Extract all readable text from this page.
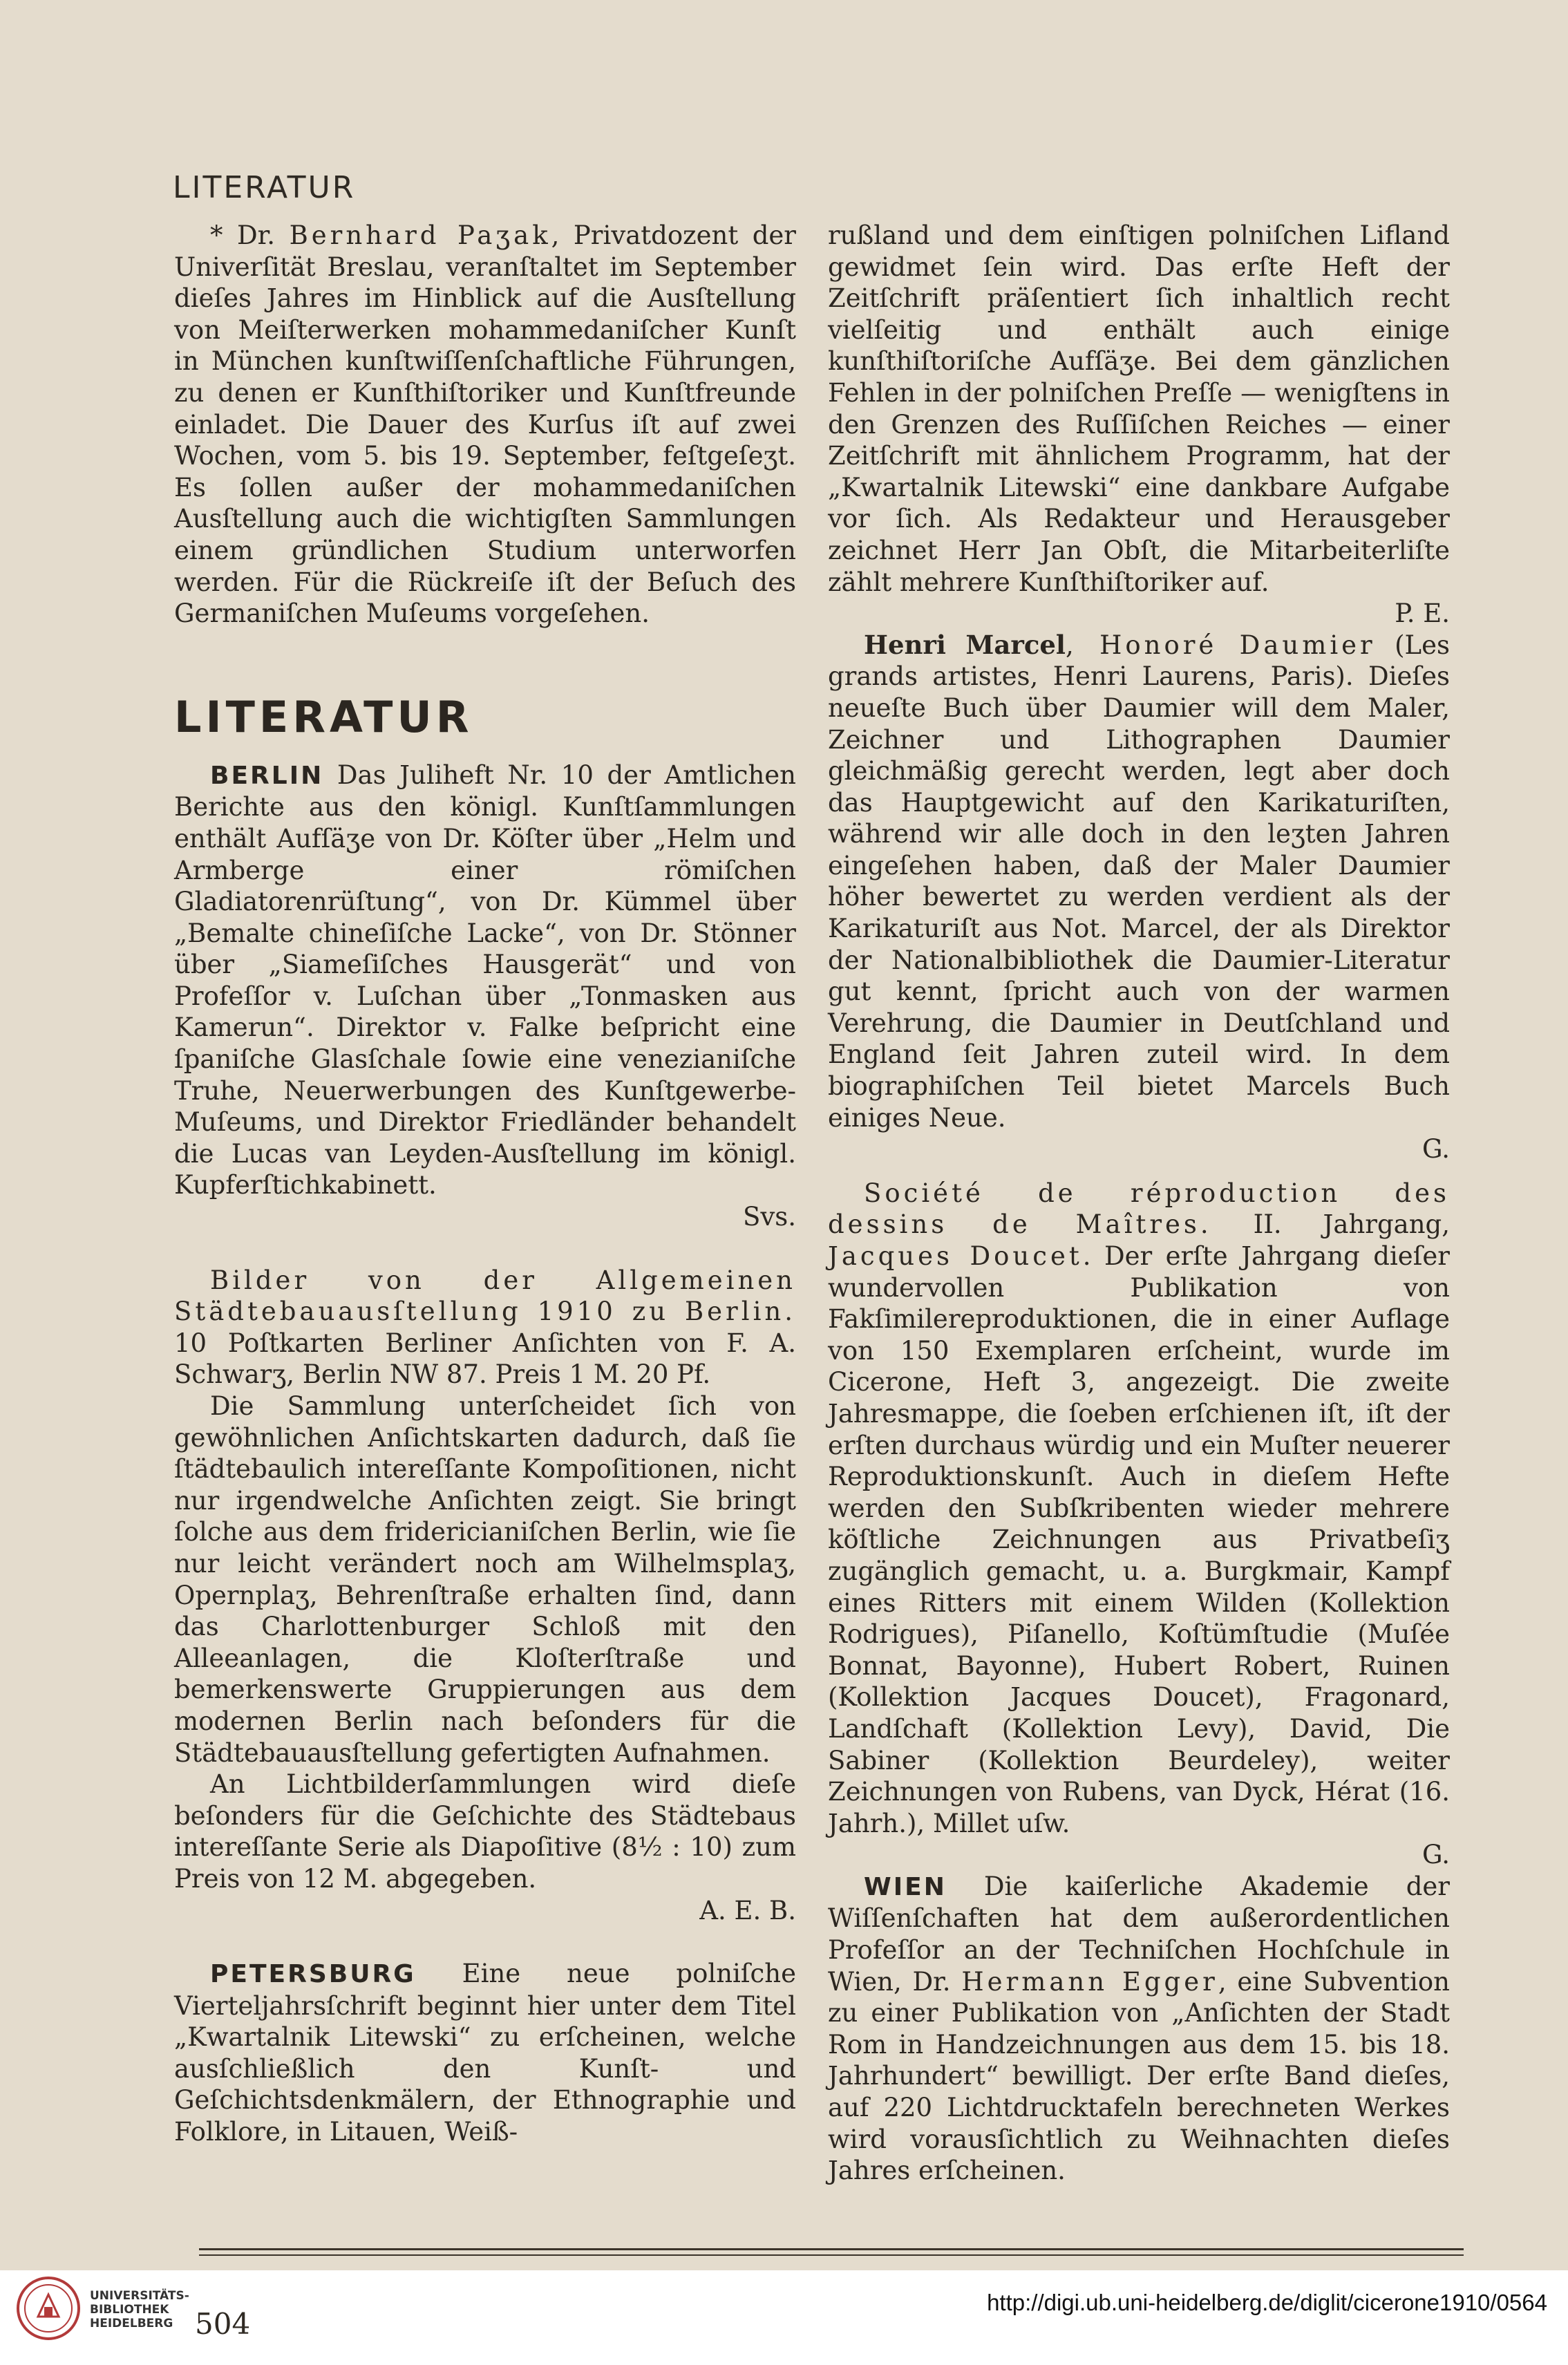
LITERATUR

* Dr. Bernhard Paʒak, Privatdozent der Univerſität Breslau, veranſtaltet im September dieſes Jahres im Hinblick auf die Ausſtellung von Meiſterwerken mohammedaniſcher Kunſt in München kunſtwiſſenſchaftliche Führungen, zu denen er Kunſthiſtoriker und Kunſtfreunde einladet. Die Dauer des Kurſus iſt auf zwei Wochen, vom 5. bis 19. September, feſtgeſeʒt. Es ſollen außer der mohammedaniſchen Ausſtellung auch die wichtigſten Sammlungen einem gründlichen Studium unterworfen werden. Für die Rückreiſe iſt der Beſuch des Germaniſchen Muſeums vorgeſehen.

LITERATUR

BERLIN Das Juliheft Nr. 10 der Amtlichen Berichte aus den königl. Kunſtſammlungen enthält Aufſäʒe von Dr. Köſter über „Helm und Armberge einer römiſchen Gladiatorenrüſtung“, von Dr. Kümmel über „Bemalte chineſiſche Lacke“, von Dr. Stönner über „Siameſiſches Hausgerät“ und von Profeſſor v. Luſchan über „Tonmasken aus Kamerun“. Direktor v. Falke beſpricht eine ſpaniſche Glasſchale ſowie eine venezianiſche Truhe, Neuerwerbungen des Kunſtgewerbe-Muſeums, und Direktor Friedländer behandelt die Lucas van Leyden-Ausſtellung im königl. Kupferſtichkabinett.

Svs.

Bilder von der Allgemeinen Städtebauausſtellung 1910 zu Berlin. 10 Poſtkarten Berliner Anſichten von F. A. Schwarʒ, Berlin NW 87. Preis 1 M. 20 Pf.

Die Sammlung unterſcheidet ſich von gewöhnlichen Anſichtskarten dadurch, daß ſie ſtädtebaulich intereſſante Kompoſitionen, nicht nur irgendwelche Anſichten zeigt. Sie bringt ſolche aus dem fridericianiſchen Berlin, wie ſie nur leicht verändert noch am Wilhelmsplaʒ, Opernplaʒ, Behrenſtraße erhalten ſind, dann das Charlottenburger Schloß mit den Alleeanlagen, die Kloſterſtraße und bemerkenswerte Gruppierungen aus dem modernen Berlin nach beſonders für die Städtebauausſtellung gefertigten Aufnahmen.

An Lichtbilderſammlungen wird dieſe beſonders für die Geſchichte des Städtebaus intereſſante Serie als Diapoſitive (8½ : 10) zum Preis von 12 M. abgegeben.

A. E. B.

PETERSBURG Eine neue polniſche Vierteljahrsſchrift beginnt hier unter dem Titel „Kwartalnik Litewski“ zu erſcheinen, welche ausſchließlich den Kunſt- und Geſchichtsdenkmälern, der Ethnographie und Folklore, in Litauen, Weiß-

rußland und dem einſtigen polniſchen Lifland gewidmet ſein wird. Das erſte Heft der Zeitſchrift präſentiert ſich inhaltlich recht vielſeitig und enthält auch einige kunſthiſtoriſche Aufſäʒe. Bei dem gänzlichen Fehlen in der polniſchen Preſſe — wenigſtens in den Grenzen des Ruſſiſchen Reiches — einer Zeitſchrift mit ähnlichem Programm, hat der „Kwartalnik Litewski“ eine dankbare Aufgabe vor ſich. Als Redakteur und Herausgeber zeichnet Herr Jan Obſt, die Mitarbeiterliſte zählt mehrere Kunſthiſtoriker auf.

P. E.

Henri Marcel, Honoré Daumier (Les grands artistes, Henri Laurens, Paris). Dieſes neueſte Buch über Daumier will dem Maler, Zeichner und Lithographen Daumier gleichmäßig gerecht werden, legt aber doch das Hauptgewicht auf den Karikaturiſten, während wir alle doch in den leʒten Jahren eingeſehen haben, daß der Maler Daumier höher bewertet zu werden verdient als der Karikaturiſt aus Not. Marcel, der als Direktor der Nationalbibliothek die Daumier-Literatur gut kennt, ſpricht auch von der warmen Verehrung, die Daumier in Deutſchland und England ſeit Jahren zuteil wird. In dem biographiſchen Teil bietet Marcels Buch einiges Neue.

G.

Société de réproduction des dessins de Maîtres. II. Jahrgang, Jacques Doucet. Der erſte Jahrgang dieſer wundervollen Publikation von Fakſimilereproduktionen, die in einer Auflage von 150 Exemplaren erſcheint, wurde im Cicerone, Heft 3, angezeigt. Die zweite Jahresmappe, die ſoeben erſchienen iſt, iſt der erſten durchaus würdig und ein Muſter neuerer Reproduktionskunſt. Auch in dieſem Hefte werden den Subſkribenten wieder mehrere köſtliche Zeichnungen aus Privatbeſiʒ zugänglich gemacht, u. a. Burgkmair, Kampf eines Ritters mit einem Wilden (Kollektion Rodrigues), Piſanello, Koſtümſtudie (Muſée Bonnat, Bayonne), Hubert Robert, Ruinen (Kollektion Jacques Doucet), Fragonard, Landſchaft (Kollektion Levy), David, Die Sabiner (Kollektion Beurdeley), weiter Zeichnungen von Rubens, van Dyck, Hérat (16. Jahrh.), Millet uſw.

G.

WIEN Die kaiſerliche Akademie der Wiſſenſchaften hat dem außerordentlichen Profeſſor an der Techniſchen Hochſchule in Wien, Dr. Hermann Egger, eine Subvention zu einer Publikation von „Anſichten der Stadt Rom in Handzeichnungen aus dem 15. bis 18. Jahrhundert“ bewilligt. Der erſte Band dieſes, auf 220 Lichtdrucktafeln berechneten Werkes wird vorausſichtlich zu Weihnachten dieſes Jahres erſcheinen.

504
UNIVERSITÄTS-
BIBLIOTHEK
HEIDELBERG
http://digi.ub.uni-heidelberg.de/diglit/cicerone1910/0564
